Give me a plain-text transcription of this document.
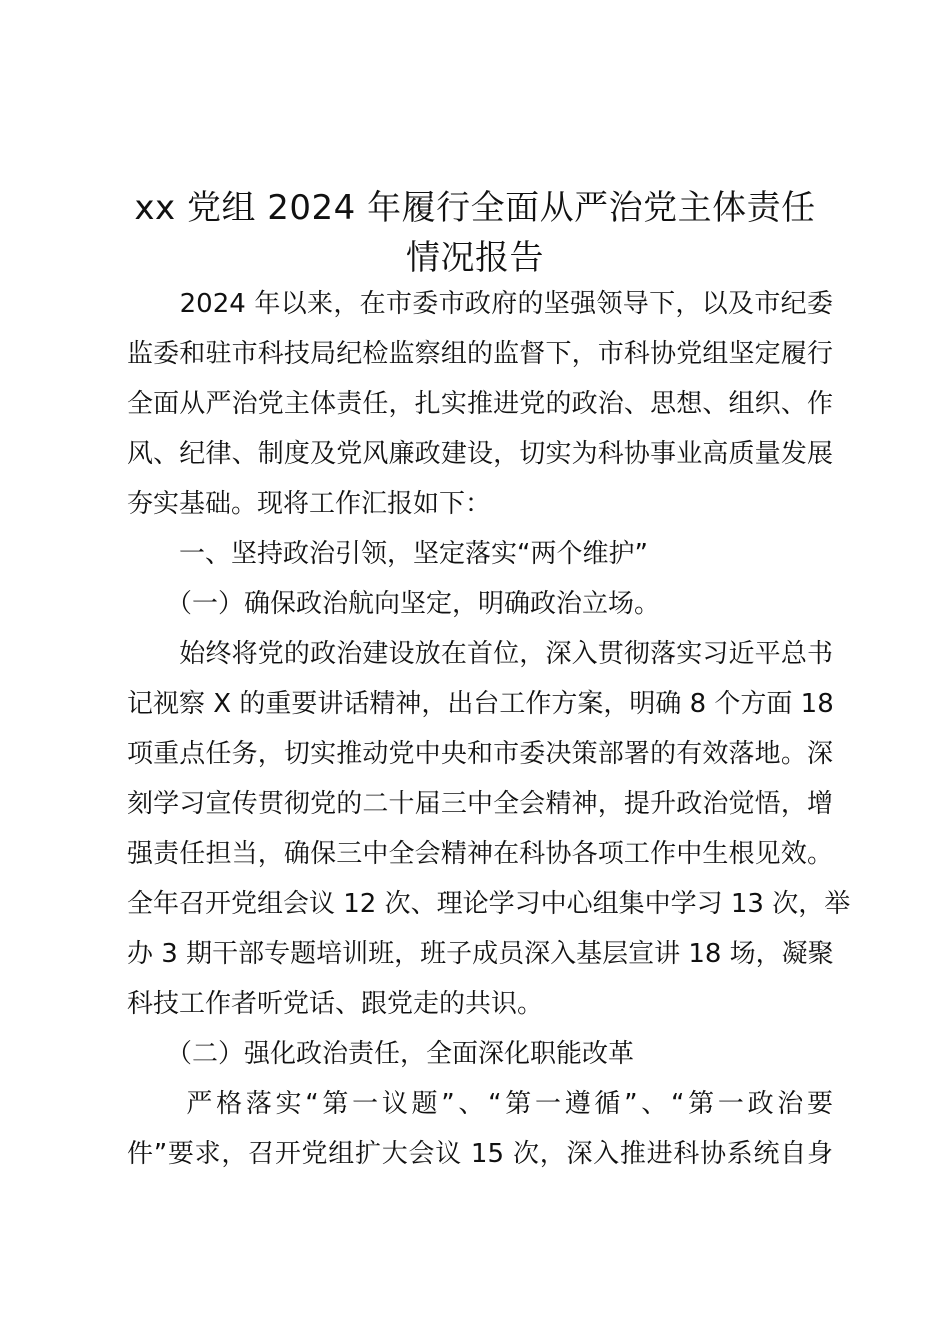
xx 党组 2024 年履行全面从严治党主体责任
情况报告
　　2024 年以来，在市委市政府的坚强领导下，以及市纪委
监委和驻市科技局纪检监察组的监督下，市科协党组坚定履行
全面从严治党主体责任，扎实推进党的政治、思想、组织、作
风、纪律、制度及党风廉政建设，切实为科协事业高质量发展
夯实基础。现将工作汇报如下：
　　一、坚持政治引领，坚定落实“两个维护”
　　（一）确保政治航向坚定，明确政治立场。
　　始终将党的政治建设放在首位，深入贯彻落实习近平总书
记视察 X 的重要讲话精神，出台工作方案，明确 8 个方面 18
项重点任务，切实推动党中央和市委决策部署的有效落地。深
刻学习宣传贯彻党的二十届三中全会精神，提升政治觉悟，增
强责任担当，确保三中全会精神在科协各项工作中生根见效。
全年召开党组会议 12 次、理论学习中心组集中学习 13 次，举
办 3 期干部专题培训班，班子成员深入基层宣讲 18 场，凝聚
科技工作者听党话、跟党走的共识。
　　（二）强化政治责任，全面深化职能改革
　　严格落实“第一议题”、“第一遵循”、“第一政治要
件”要求，召开党组扩大会议 15 次，深入推进科协系统自身
